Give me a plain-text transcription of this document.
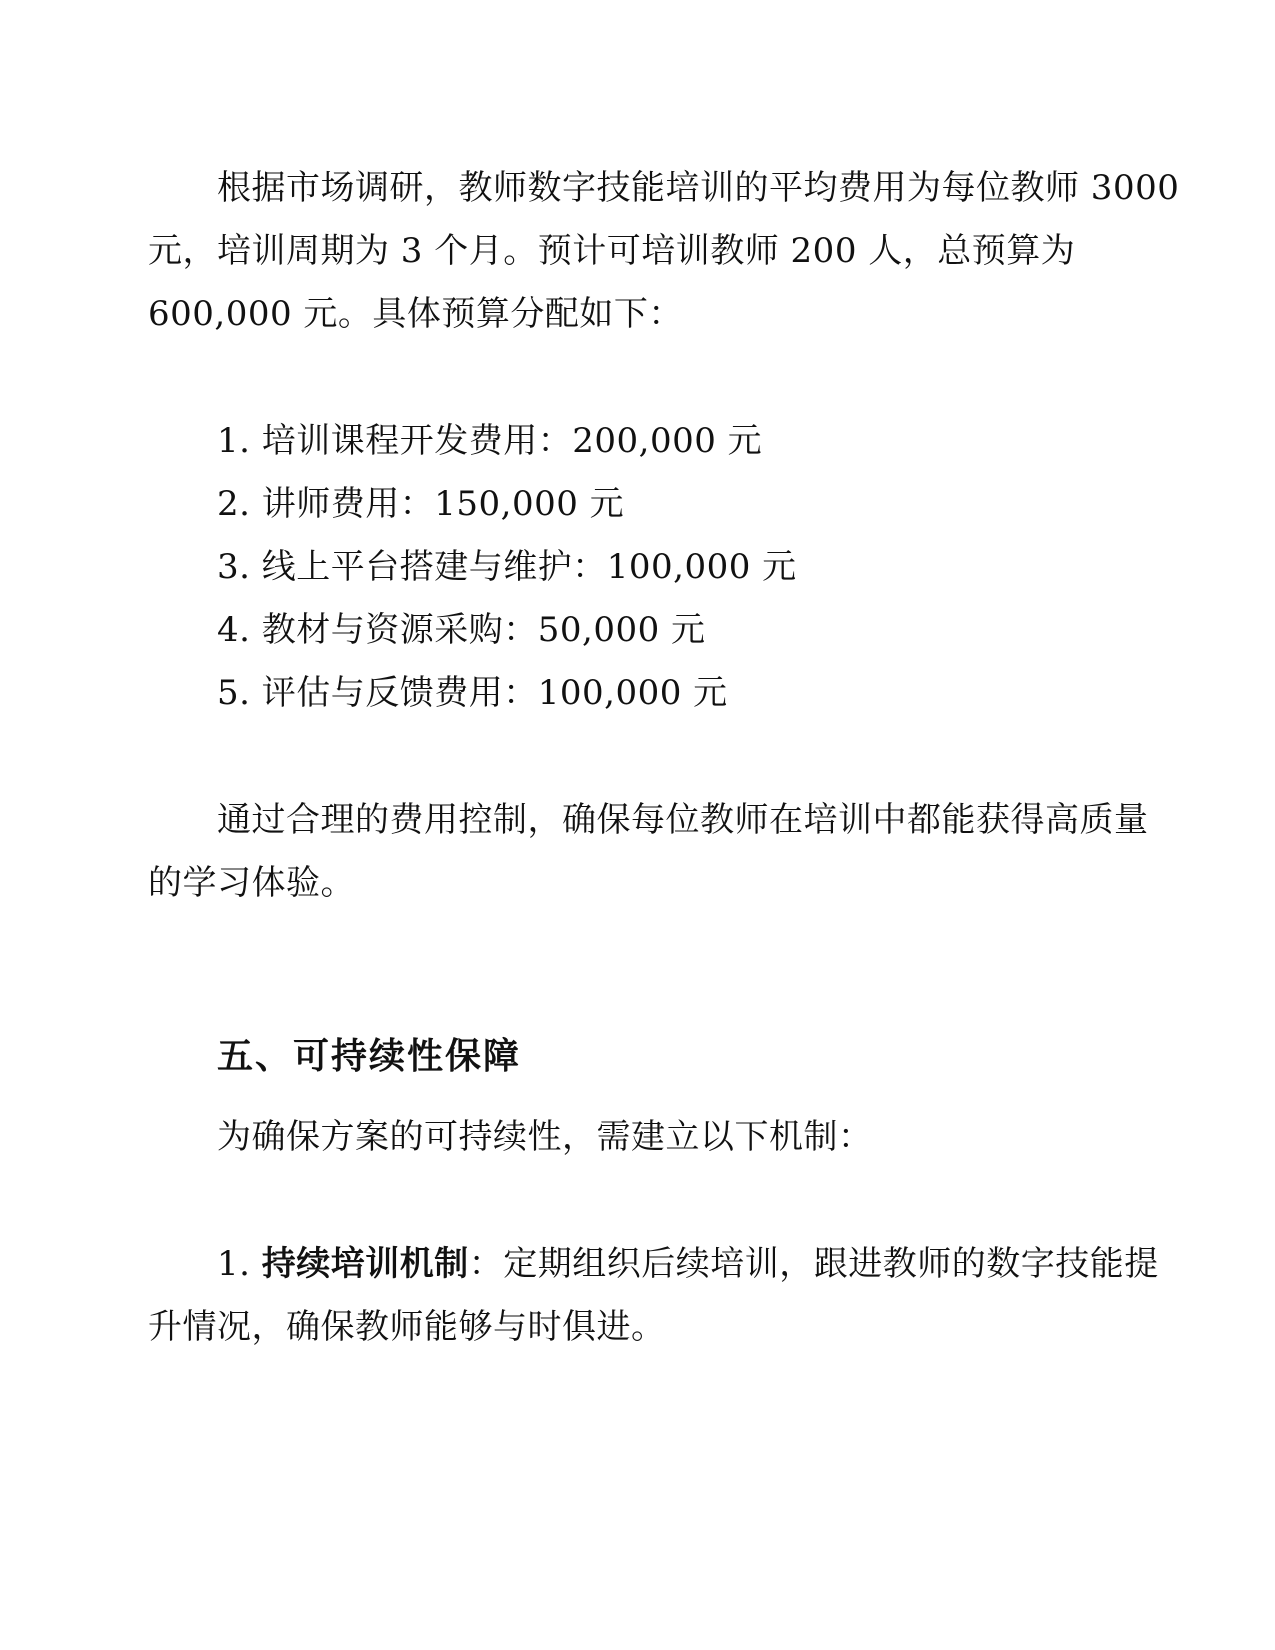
根据市场调研，教师数字技能培训的平均费用为每位教师 3000
元，培训周期为 3 个月。预计可培训教师 200 人，总预算为
600,000 元。具体预算分配如下：
1. 培训课程开发费用：200,000 元
2. 讲师费用：150,000 元
3. 线上平台搭建与维护：100,000 元
4. 教材与资源采购：50,000 元
5. 评估与反馈费用：100,000 元
通过合理的费用控制，确保每位教师在培训中都能获得高质量
的学习体验。
五、可持续性保障
为确保方案的可持续性，需建立以下机制：
1. 持续培训机制：定期组织后续培训，跟进教师的数字技能提
升情况，确保教师能够与时俱进。
